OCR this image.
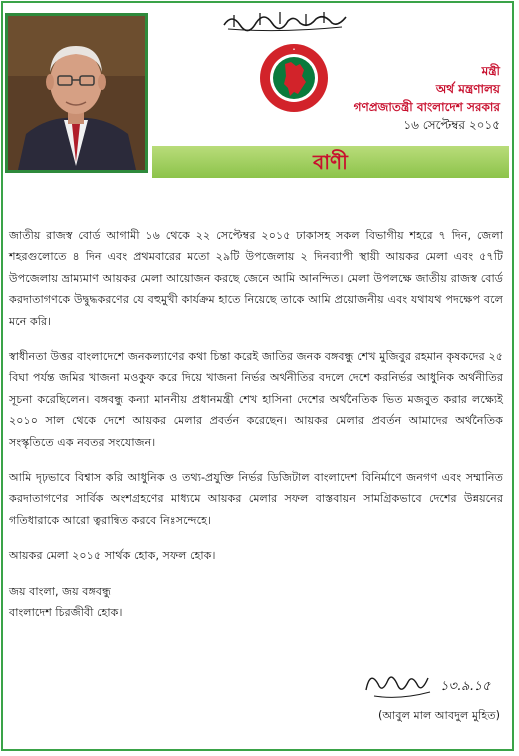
•
মন্ত্রী
অর্থ মন্ত্রণালয়
গণপ্রজাতন্ত্রী বাংলাদেশ সরকার
১৬ সেপ্টেম্বর ২০১৫
বাণী

জাতীয় রাজস্ব বোর্ড আগামী ১৬ থেকে ২২ সেপ্টেম্বর ২০১৫ ঢাকাসহ সকল বিভাগীয় শহরে ৭ দিন, জেলা শহরগুলোতে ৪ দিন এবং প্রথমবারের মতো ২৯টি উপজেলায় ২ দিনব্যাপী স্থায়ী আয়কর মেলা এবং ৫৭টি উপজেলায় ভ্রাম্যমাণ আয়কর মেলা আয়োজন করছে জেনে আমি আনন্দিত। মেলা উপলক্ষে জাতীয় রাজস্ব বোর্ড করদাতাগণকে উদ্বুদ্ধকরণের যে বহুমুখী কার্যক্রম হাতে নিয়েছে তাকে আমি প্রয়োজনীয় এবং যথাযথ পদক্ষেপ বলে মনে করি।

স্বাধীনতা উত্তর বাংলাদেশে জনকল্যাণের কথা চিন্তা করেই জাতির জনক বঙ্গবন্ধু শেখ মুজিবুর রহমান কৃষকদের ২৫ বিঘা পর্যন্ত জমির খাজনা মওকুফ করে দিয়ে খাজনা নির্ভর অর্থনীতির বদলে দেশে করনির্ভর আধুনিক অর্থনীতির সূচনা করেছিলেন। বঙ্গবন্ধু কন্যা মাননীয় প্রধানমন্ত্রী শেখ হাসিনা দেশের অর্থনৈতিক ভিত মজবুত করার লক্ষ্যেই ২০১০ সাল থেকে দেশে আয়কর মেলার প্রবর্তন করেছেন। আয়কর মেলার প্রবর্তন আমাদের অর্থনৈতিক সংস্কৃতিতে এক নবতর সংযোজন।

আমি দৃঢ়ভাবে বিশ্বাস করি আধুনিক ও তথ্য-প্রযুক্তি নির্ভর ডিজিটাল বাংলাদেশ বিনির্মাণে জনগণ এবং সম্মানিত করদাতাগণের সার্বিক অংশগ্রহণের মাধ্যমে আয়কর মেলার সফল বাস্তবায়ন সামগ্রিকভাবে দেশের উন্নয়নের গতিধারাকে আরো ত্বরান্বিত করবে নিঃসন্দেহে।

আয়কর মেলা ২০১৫ সার্থক হোক, সফল হোক।

জয় বাংলা, জয় বঙ্গবন্ধু

বাংলাদেশ চিরজীবী হোক।

১৩.৯.১৫
(আবুল মাল আবদুল মুহিত)
